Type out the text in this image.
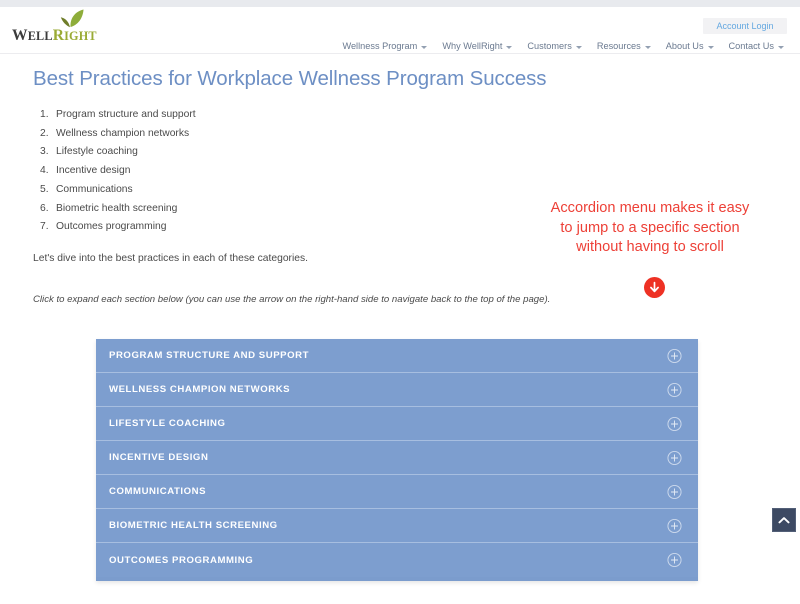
WELLRIGHT
Account Login
Wellness Program	Why WellRight	Customers	Resources	About Us	Contact Us
Best Practices for Workplace Wellness Program Success
1. Program structure and support
2. Wellness champion networks
3. Lifestyle coaching
4. Incentive design
5. Communications
6. Biometric health screening
7. Outcomes programming

Let's dive into the best practices in each of these categories.

Click to expand each section below (you can use the arrow on the right-hand side to navigate back to the top of the page).

Accordion menu makes it easy
to jump to a specific section
without having to scroll
PROGRAM STRUCTURE AND SUPPORT
WELLNESS CHAMPION NETWORKS
LIFESTYLE COACHING
INCENTIVE DESIGN
COMMUNICATIONS
BIOMETRIC HEALTH SCREENING
OUTCOMES PROGRAMMING
